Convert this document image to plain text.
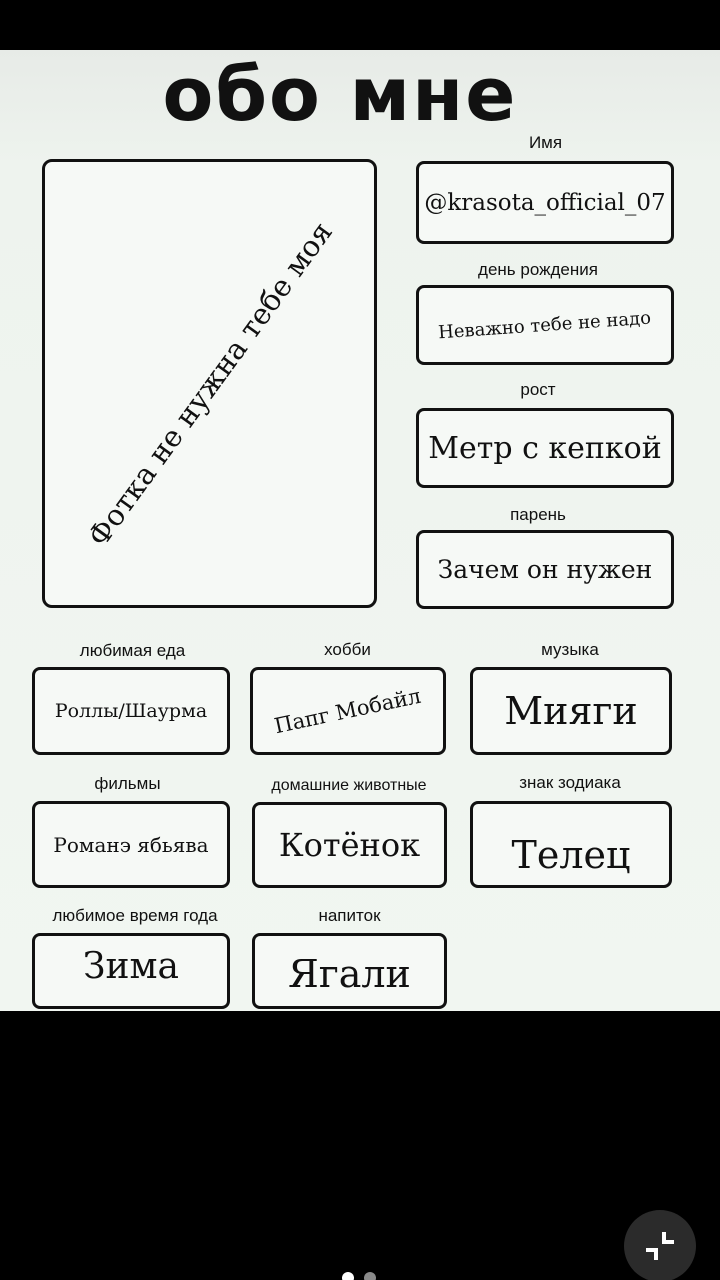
обо мне
Фотка не нужна тебе моя
Имя
@krasota_official_07
день рождения
Неважно тебе не надо
рост
Метр с кепкой
парень
Зачем он нужен
любимая еда
Роллы/Шаурма
хобби
Папг Мобайл
музыка
Мияги
фильмы
Романэ ябьява
домашние животные
Котёнок
знак зодиака
Телец
любимое время года
Зима
напиток
Ягали
